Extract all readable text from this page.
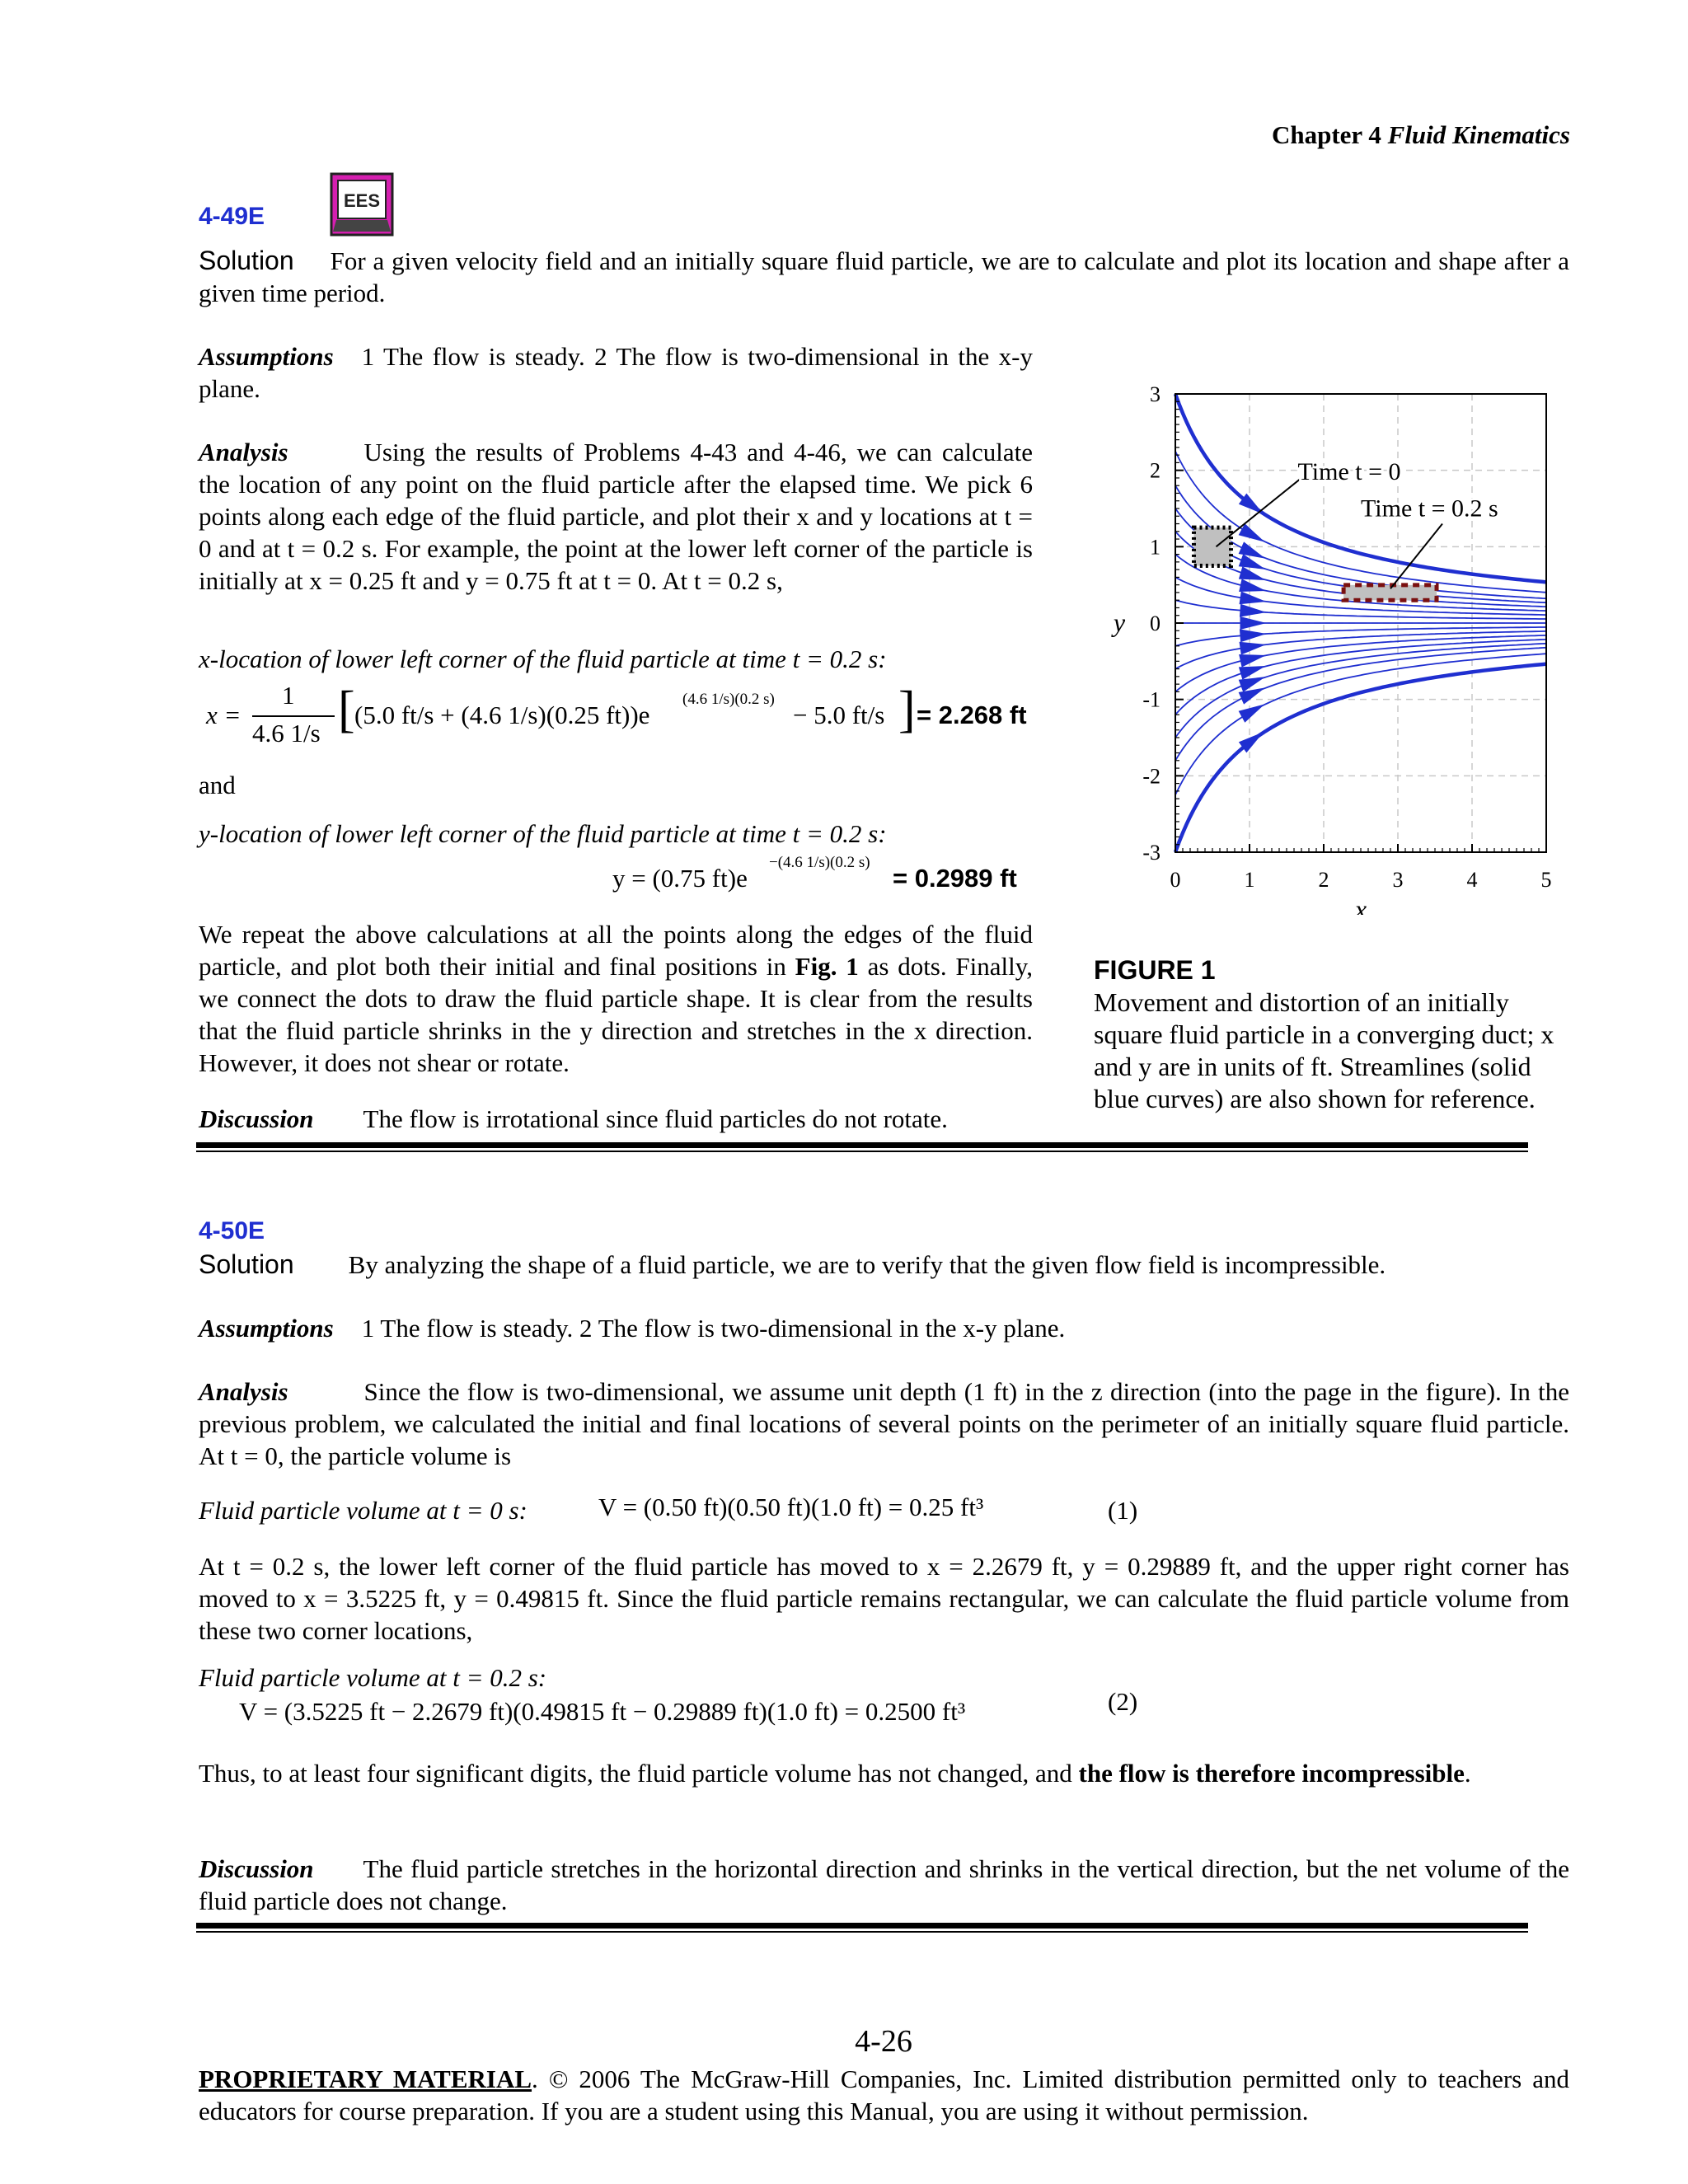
Chapter 4 Fluid Kinematics
4-49E
EES
Solution For a given velocity field and an initially square fluid particle, we are to calculate and plot its location and shape after a given time period.
Assumptions 1 The flow is steady. 2 The flow is two-dimensional in the x-y plane.
Analysis	Using the results of Problems 4-43 and 4-46, we can calculate the location of any point on the fluid particle after the elapsed time. We pick 6 points along each edge of the fluid particle, and plot their x and y locations at t = 0 and at t = 0.2 s. For example, the point at the lower left corner of the particle is initially at x = 0.25 ft and y = 0.75 ft at t = 0. At t = 0.2 s,
x-location of lower left corner of the fluid particle at time t = 0.2 s:
x =
1
4.6 1/s [ (5.0 ft/s + (4.6 1/s)(0.25 ft))e
(4.6 1/s)(0.2 s)
− 5.0 ft/s ] = 2.268 ft
and
y-location of lower left corner of the fluid particle at time t = 0.2 s:
y = (0.75 ft)e
−(4.6 1/s)(0.2 s)
= 0.2989 ft
We repeat the above calculations at all the points along the edges of the fluid particle, and plot both their initial and final positions in Fig. 1 as dots. Finally, we connect the dots to draw the fluid particle shape. It is clear from the results that the fluid particle shrinks in the y direction and stretches in the x direction. However, it does not shear or rotate.
Discussion The flow is irrotational since fluid particles do not rotate.
0	1	2	3	4	5
3
2
1
0
-1
-2
-3
x
y
Time t = 0
Time t = 0.2 s
FIGURE 1
Movement and distortion of an initially square fluid particle in a converging duct; x and y are in units of ft. Streamlines (solid blue curves) are also shown for reference.
4-50E
Solution By analyzing the shape of a fluid particle, we are to verify that the given flow field is incompressible.
Assumptions 1 The flow is steady. 2 The flow is two-dimensional in the x-y plane.
Analysis	Since the flow is two-dimensional, we assume unit depth (1 ft) in the z direction (into the page in the figure). In the previous problem, we calculated the initial and final locations of several points on the perimeter of an initially square fluid particle. At t = 0, the particle volume is
Fluid particle volume at t = 0 s:	V = (0.50 ft)(0.50 ft)(1.0 ft) = 0.25 ft³	(1)
At t = 0.2 s, the lower left corner of the fluid particle has moved to x = 2.2679 ft, y = 0.29889 ft, and the upper right corner has moved to x = 3.5225 ft, y = 0.49815 ft. Since the fluid particle remains rectangular, we can calculate the fluid particle volume from these two corner locations,
Fluid particle volume at t = 0.2 s:
V = (3.5225 ft − 2.2679 ft)(0.49815 ft − 0.29889 ft)(1.0 ft) = 0.2500 ft³	(2)
Thus, to at least four significant digits, the fluid particle volume has not changed, and the flow is therefore incompressible.
Discussion The fluid particle stretches in the horizontal direction and shrinks in the vertical direction, but the net volume of the fluid particle does not change.
4-26
PROPRIETARY MATERIAL. © 2006 The McGraw-Hill Companies, Inc. Limited distribution permitted only to teachers and educators for course preparation. If you are a student using this Manual, you are using it without permission.
